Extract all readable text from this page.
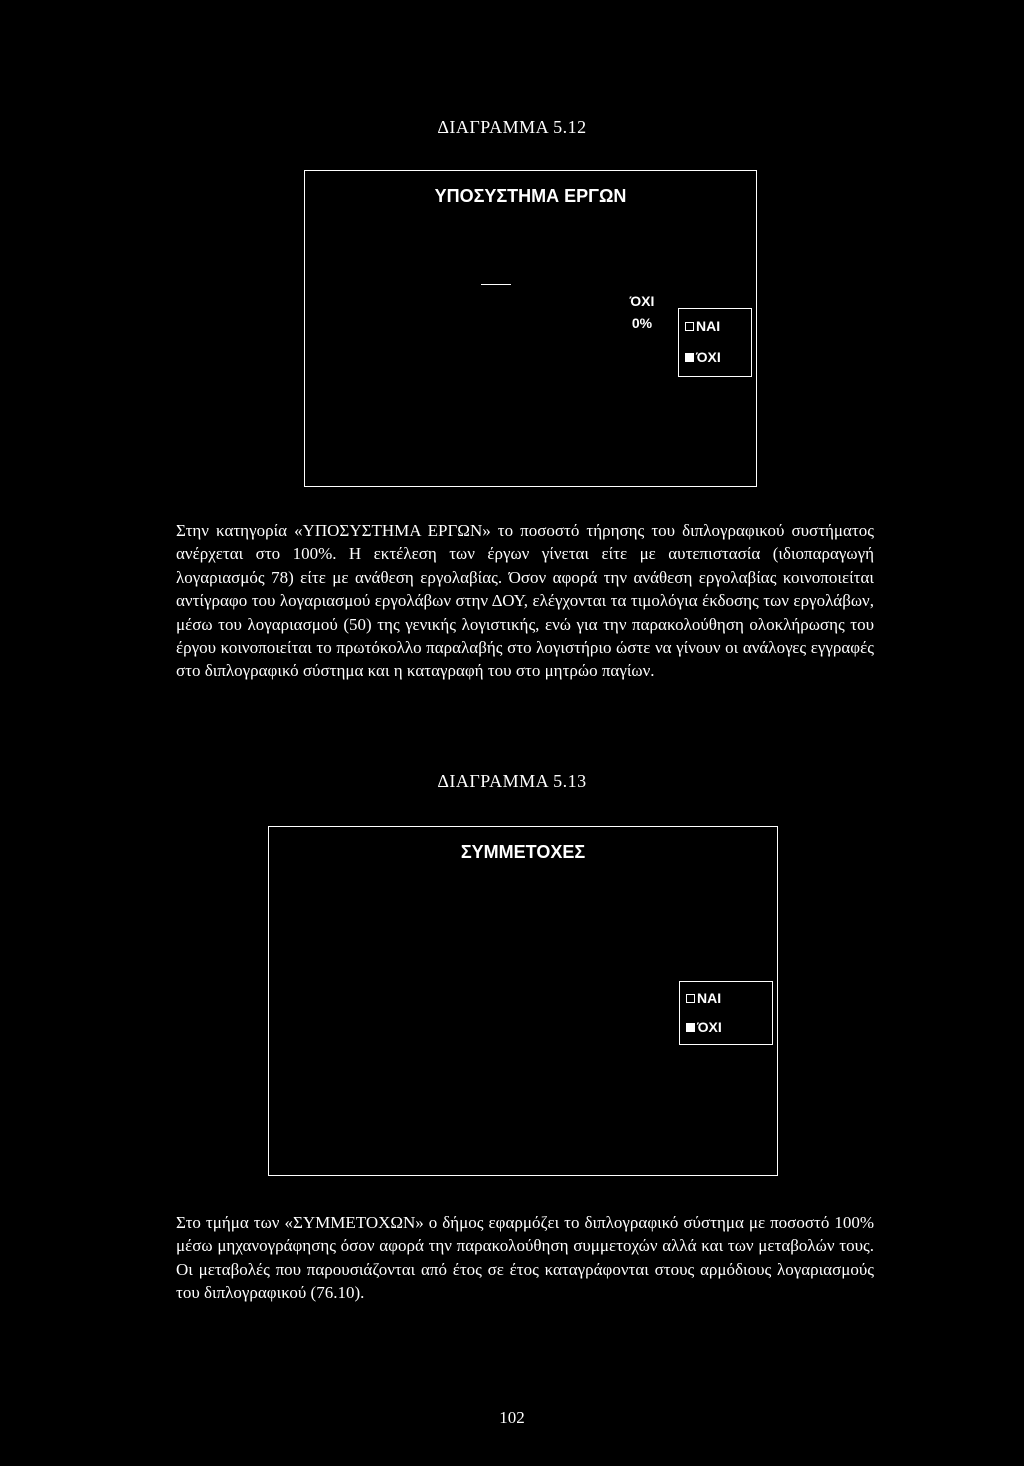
ΔΙΑΓΡΑΜΜΑ 5.12
ΥΠΟΣΥΣΤΗΜΑ ΕΡΓΩΝ
ΌΧΙ
0%	ΝΑΙ
ΌΧΙ

Στην κατηγορία «ΥΠΟΣΥΣΤΗΜΑ ΕΡΓΩΝ» το ποσοστό τήρησης του διπλογραφικού συστήματος ανέρχεται στο 100%. Η εκτέλεση των έργων γίνεται είτε με αυτεπιστασία (ιδιοπαραγωγή λογαριασμός 78) είτε με ανάθεση εργολαβίας. Όσον αφορά την ανάθεση εργολαβίας κοινοποιείται αντίγραφο του λογαριασμού εργολάβων στην ΔΟΥ, ελέγχονται τα τιμολόγια έκδοσης των εργολάβων, μέσω του λογαριασμού (50) της γενικής λογιστικής, ενώ για την παρακολούθηση ολοκλήρωσης του έργου κοινοποιείται το πρωτόκολλο παραλαβής στο λογιστήριο ώστε να γίνουν οι ανάλογες εγγραφές στο διπλογραφικό σύστημα και η καταγραφή του στο μητρώο παγίων.

ΔΙΑΓΡΑΜΜΑ 5.13
ΣΥΜΜΕΤΟΧΕΣ
ΝΑΙ
ΌΧΙ

Στο τμήμα των «ΣΥΜΜΕΤΟΧΩΝ» ο δήμος εφαρμόζει το διπλογραφικό σύστημα με ποσοστό 100% μέσω μηχανογράφησης όσον αφορά την παρακολούθηση συμμετοχών αλλά και των μεταβολών τους. Οι μεταβολές που παρουσιάζονται από έτος σε έτος καταγράφονται στους αρμόδιους λογαριασμούς του διπλογραφικού (76.10).

102
